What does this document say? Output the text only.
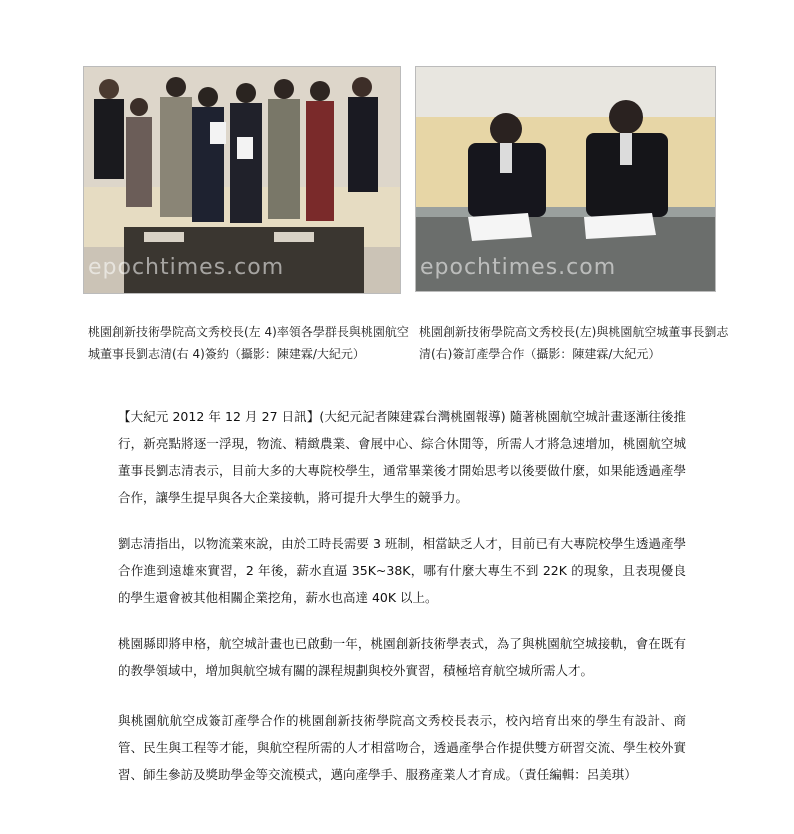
epochtimes.com	epochtimes.com
桃園創新技術學院高文秀校長(左 4)率領各學群長與桃園航空城董事長劉志清(右 4)簽約（攝影：陳建霖/大紀元）
桃園創新技術學院高文秀校長(左)與桃園航空城董事長劉志清(右)簽訂產學合作（攝影：陳建霖/大紀元）

【大紀元 2012 年 12 月 27 日訊】(大紀元記者陳建霖台灣桃園報導) 隨著桃園航空城計畫逐漸往後推行，新亮點將逐一浮現，物流、精緻農業、會展中心、綜合休閒等，所需人才將急速增加，桃園航空城董事長劉志清表示，目前大多的大專院校學生，通常畢業後才開始思考以後要做什麼，如果能透過產學合作，讓學生提早與各大企業接軌，將可提升大學生的競爭力。

劉志清指出，以物流業來說，由於工時長需要 3 班制，相當缺乏人才，目前已有大專院校學生透過產學合作進到遠雄來實習，2 年後，薪水直逼 35K~38K，哪有什麼大專生不到 22K 的現象，且表現優良的學生還會被其他相關企業挖角，薪水也高達 40K 以上。

桃園縣即將申格，航空城計畫也已啟動一年，桃園創新技術學表式，為了與桃園航空城接軌，會在既有的教學領域中，增加與航空城有關的課程規劃與校外實習，積極培育航空城所需人才。

與桃園航航空成簽訂產學合作的桃園創新技術學院高文秀校長表示，校內培育出來的學生有設計、商管、民生與工程等才能，與航空程所需的人才相當吻合，透過產學合作提供雙方研習交流、學生校外實習、師生參訪及獎助學金等交流模式，邁向產學手、服務產業人才育成。（責任編輯：呂美琪）
